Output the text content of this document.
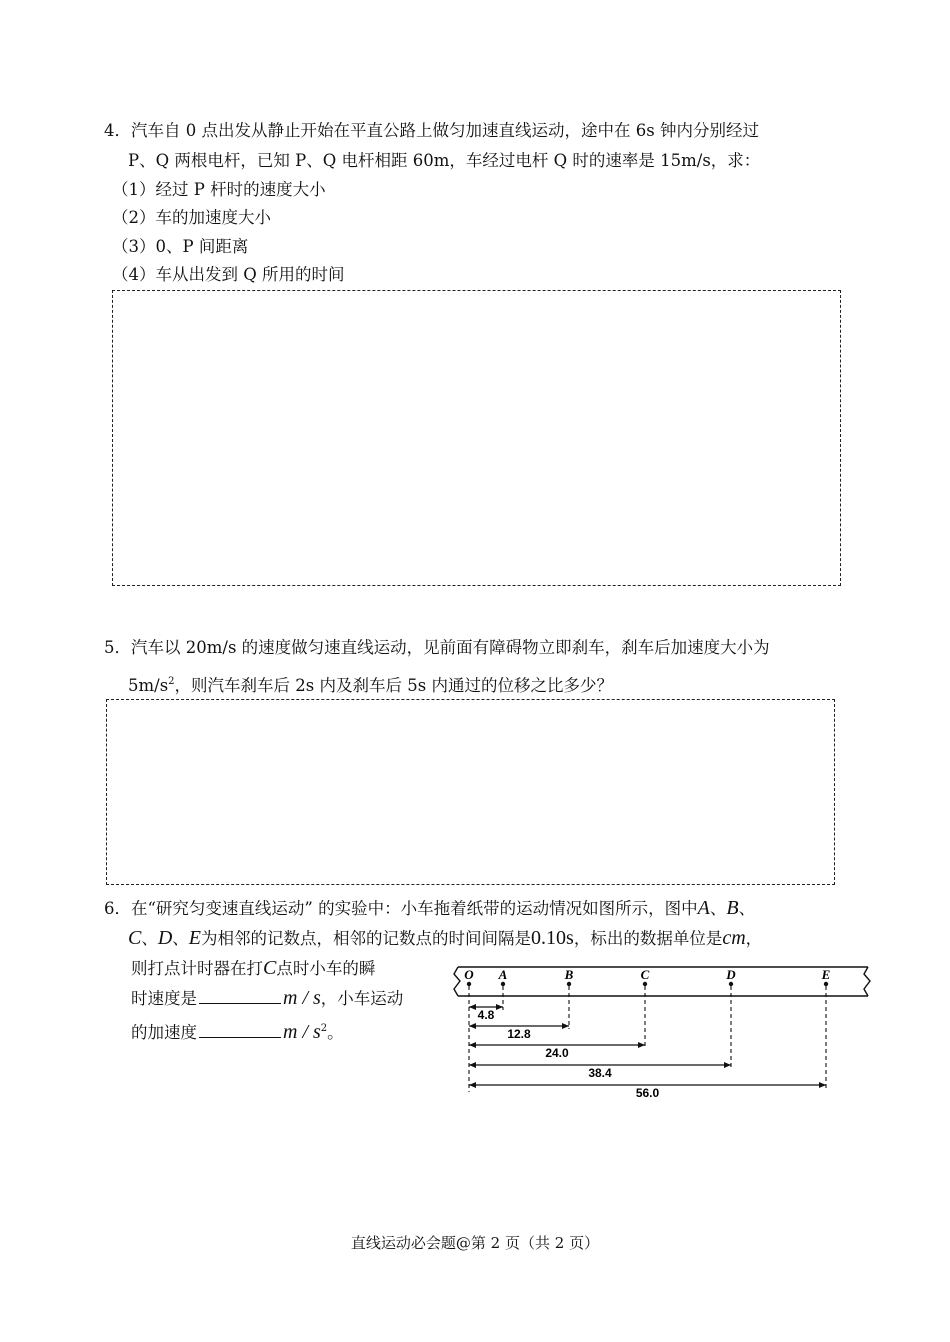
4．汽车自 0 点出发从静止开始在平直公路上做匀加速直线运动，途中在 6s 钟内分别经过
P、Q 两根电杆，已知 P、Q 电杆相距 60m，车经过电杆 Q 时的速率是 15m/s，求：
（1）经过 P 杆时的速度大小
（2）车的加速度大小
（3）0、P 间距离
（4）车从出发到 Q 所用的时间
5．汽车以 20m/s 的速度做匀速直线运动，见前面有障碍物立即刹车，刹车后加速度大小为
$5m/s^2$，则汽车刹车后 2s 内及刹车后 5s 内通过的位移之比多少？
6．在“研究匀变速直线运动” 的实验中：小车拖着纸带的运动情况如图所示，图中A、B、
C、D、E为相邻的记数点，相邻的记数点的时间间隔是0.10s，标出的数据单位是cm，
则打点计时器在打C点时小车的瞬
时速度是	m / s，小车运动
的加速度	m / $s^2$。
O A	B	C	D	E
4.8
12.8
24.0
38.4
56.0
直线运动必会题@第 2 页（共 2 页）
